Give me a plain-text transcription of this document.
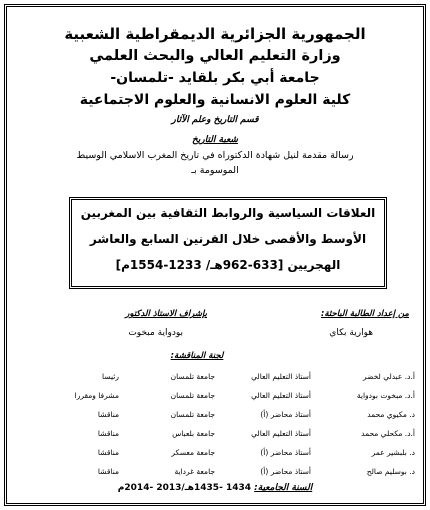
الجمهورية الجزائرية الديمقراطية الشعبية
وزارة التعليم العالي والبحث العلمي
جامعة أبي بكر بلقايد -تلمسان-
كلية العلوم الانسانية والعلوم الاجتماعية
قسم التاريخ وعلم الآثار
شعبة التاريخ
رسالة مقدمة لنيل شهادة الدكتوراه في تاريخ المغرب الاسلامي الوسيط
الموسومة بـ
العلاقات السياسية والروابط الثقافية بين المغربين
الأوسط والأقصى خلال القرنين السابع والعاشر
الهجريين [633-962هـ/ 1233-1554م]
من إعداد الطالبة الباحثة:
هوارية بكاي
بإشراف الاستاذ الدكتور
بودواية مبخوت
لجنة المناقشة:
أ.د. عبدلي لخضر	أستاذ التعليم العالي	جامعة تلمسان	رئيسا
أ.د. مبخوت بودواية	أستاذ التعليم العالي	جامعة تلمسان	مشرفا ومقررا
د. مكيوي محمد	أستاذ محاضر (أ)	جامعة تلمسان	مناقشا
أ.د. مكحلي محمد	أستاذ التعليم العالي	جامعة بلعباس	مناقشا
د. بلبشير عمر	أستاذ محاضر (أ)	جامعة معسكر	مناقشا
د. بوسليم صالح	أستاذ محاضر (أ)	جامعة غرداية	مناقشا
السنة الجامعية: 1434 -1435هـ/2013 -2014م
